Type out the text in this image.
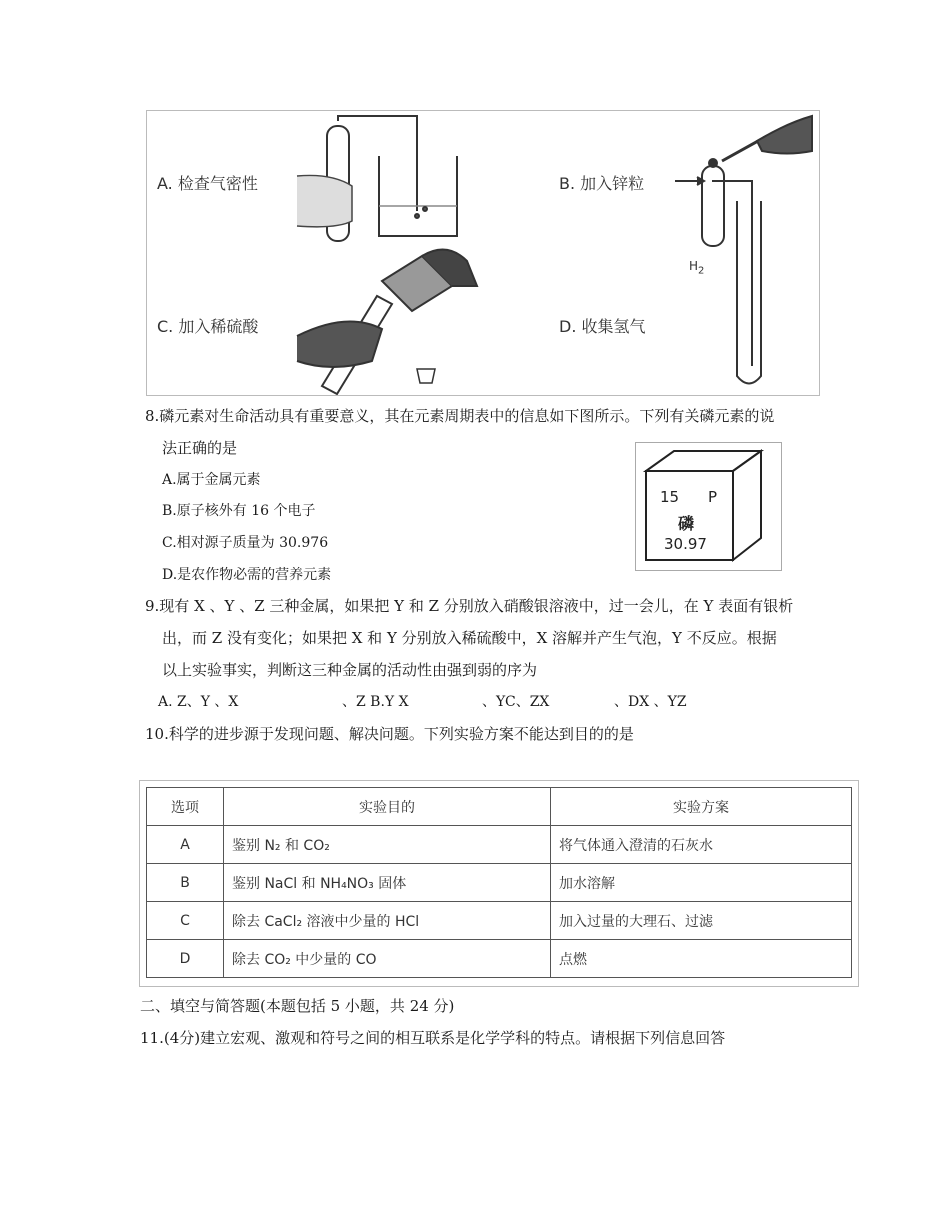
A. 检查气密性	B. 加入锌粒
C. 加入稀硫酸	D. 收集氢气
$H_2$
8.磷元素对生命活动具有重要意义，其在元素周期表中的信息如下图所示。下列有关磷元素的说
法正确的是
A.属于金属元素
B.原子核外有 16 个电子
C.相对源子质量为 30.976
D.是农作物必需的营养元素
15 P
磷
30.97
9.现有 X 、Y 、Z 三种金属，如果把 Y 和 Z 分别放入硝酸银溶液中，过一会儿，在 Y 表面有银析
出，而 Z 没有变化；如果把 X 和 Y 分别放入稀硫酸中，X 溶解并产生气泡，Y 不反应。根据
以上实验事实，判断这三种金属的活动性由强到弱的序为
A. Z、Y 、X	、Z B.Y X	、YC、ZX	、DX 、YZ
10.科学的进步源于发现问题、解决问题。下列实验方案不能达到目的的是
选项	实验目的	实验方案
A	鉴别 N₂ 和 CO₂	将气体通入澄清的石灰水
B	鉴别 NaCl 和 NH₄NO₃ 固体	加水溶解
C	除去 CaCl₂ 溶液中少量的 HCl	加入过量的大理石、过滤
D	除去 CO₂ 中少量的 CO	点燃
二、填空与简答题(本题包括 5 小题，共 24 分)
11.(4分)建立宏观、激观和符号之间的相互联系是化学学科的特点。请根据下列信息回答
